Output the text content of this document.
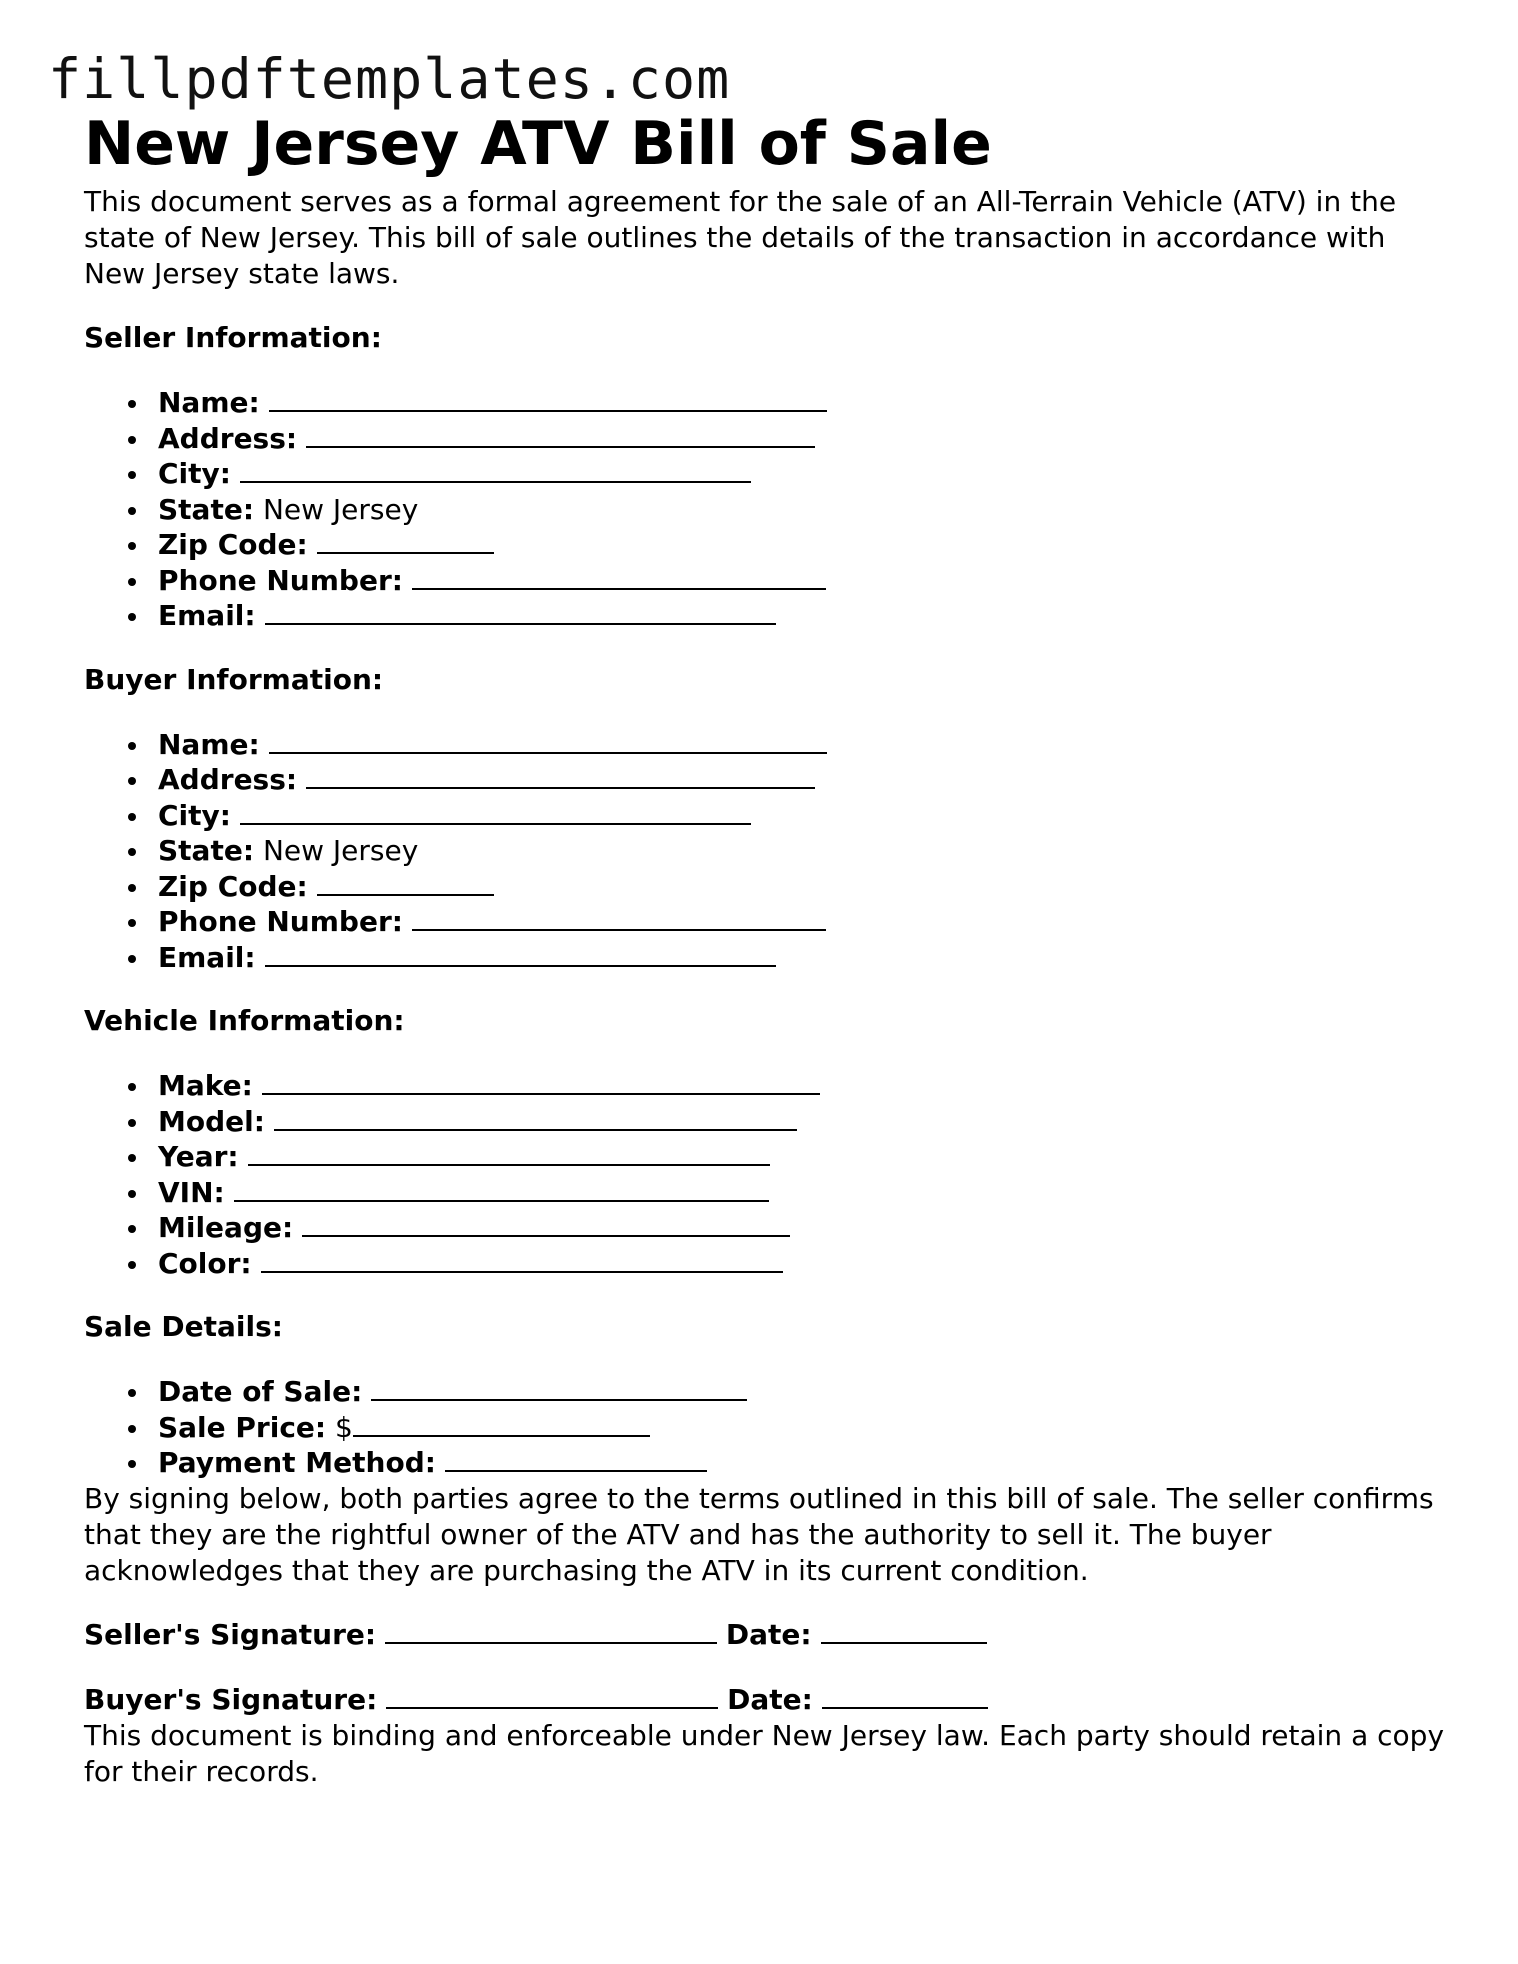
fillpdftemplates.com
New Jersey ATV Bill of Sale

This document serves as a formal agreement for the sale of an All-Terrain Vehicle (ATV) in the state of New Jersey. This bill of sale outlines the details of the transaction in accordance with New Jersey state laws.

Seller Information:
Name:
Address:
City:
State: New Jersey
Zip Code:
Phone Number:
Email:
Buyer Information:
Name:
Address:
City:
State: New Jersey
Zip Code:
Phone Number:
Email:
Vehicle Information:
Make:
Model:
Year:
VIN:
Mileage:
Color:
Sale Details:
Date of Sale:
Sale Price: $
Payment Method:

By signing below, both parties agree to the terms outlined in this bill of sale. The seller confirms that they are the rightful owner of the ATV and has the authority to sell it. The buyer acknowledges that they are purchasing the ATV in its current condition.

Seller's Signature:	Date:
Buyer's Signature:	Date:

This document is binding and enforceable under New Jersey law. Each party should retain a copy for their records.
